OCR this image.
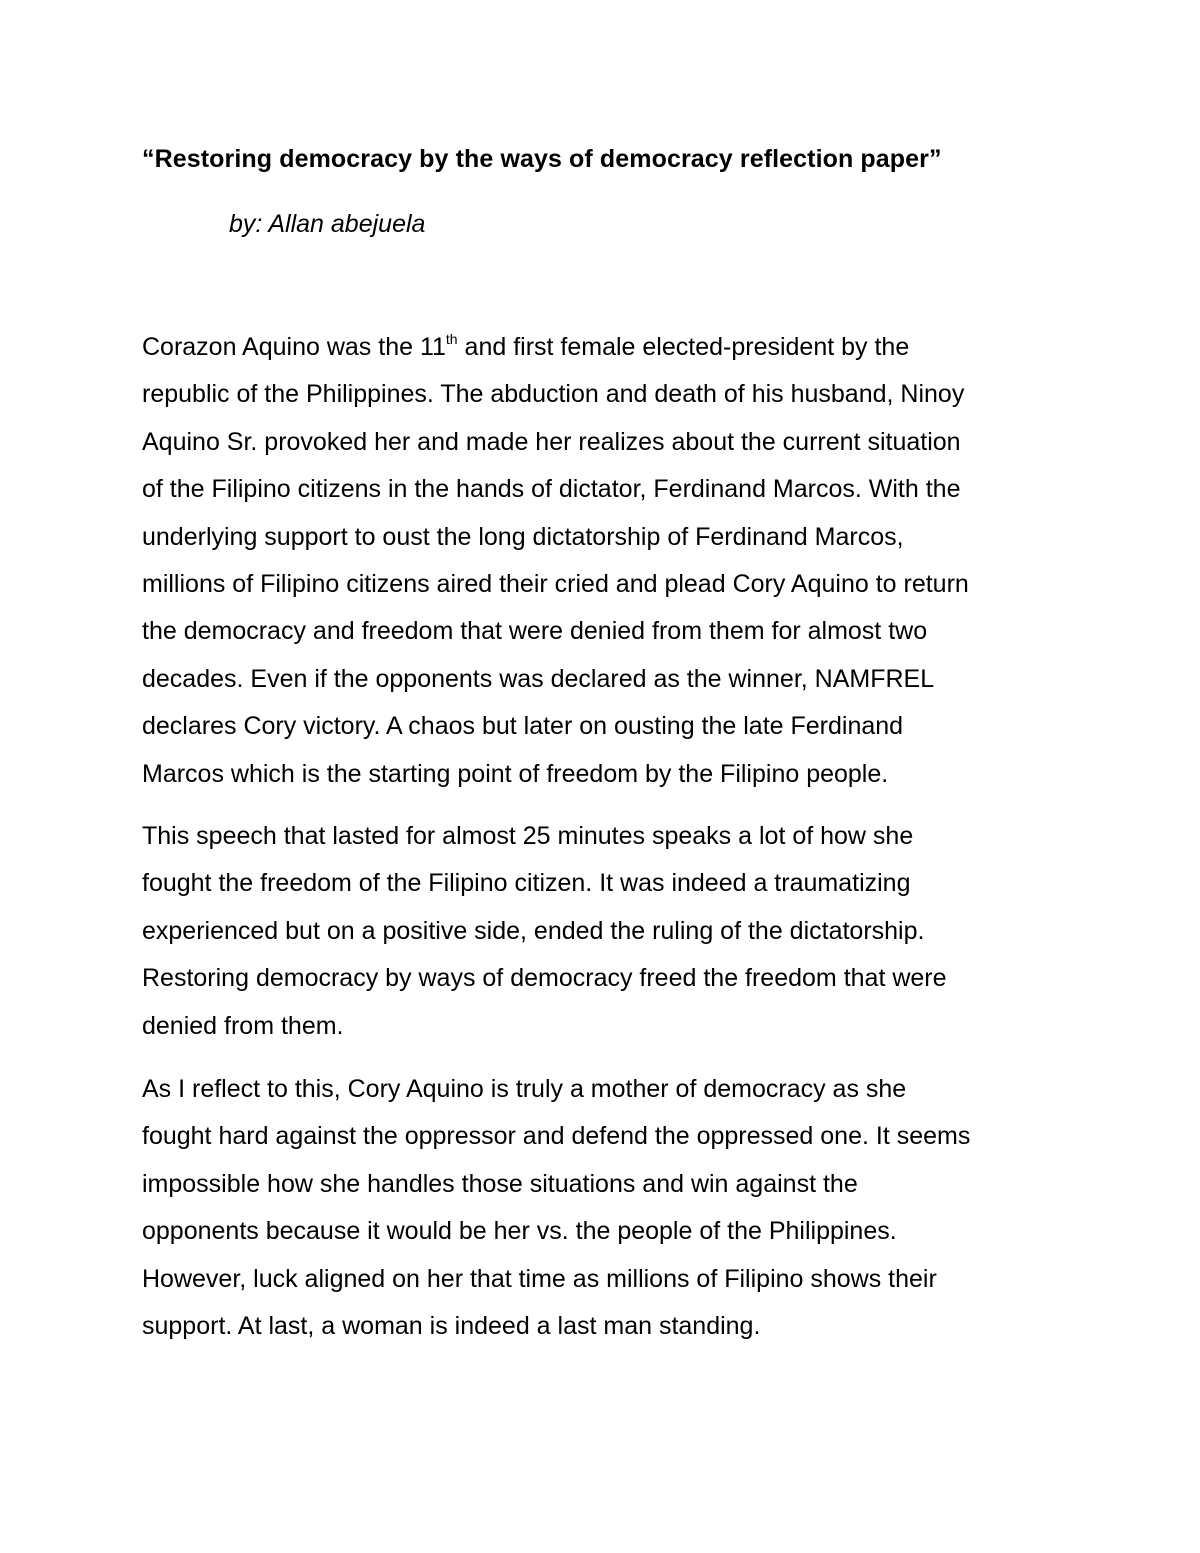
“Restoring democracy by the ways of democracy reflection paper”

by: Allan abejuela

Corazon Aquino was the 11th and first female elected-president by the
republic of the Philippines. The abduction and death of his husband, Ninoy
Aquino Sr. provoked her and made her realizes about the current situation
of the Filipino citizens in the hands of dictator, Ferdinand Marcos. With the
underlying support to oust the long dictatorship of Ferdinand Marcos,
millions of Filipino citizens aired their cried and plead Cory Aquino to return
the democracy and freedom that were denied from them for almost two
decades. Even if the opponents was declared as the winner, NAMFREL
declares Cory victory. A chaos but later on ousting the late Ferdinand
Marcos which is the starting point of freedom by the Filipino people.
This speech that lasted for almost 25 minutes speaks a lot of how she
fought the freedom of the Filipino citizen. It was indeed a traumatizing
experienced but on a positive side, ended the ruling of the dictatorship.
Restoring democracy by ways of democracy freed the freedom that were
denied from them.
As I reflect to this, Cory Aquino is truly a mother of democracy as she
fought hard against the oppressor and defend the oppressed one. It seems
impossible how she handles those situations and win against the
opponents because it would be her vs. the people of the Philippines.
However, luck aligned on her that time as millions of Filipino shows their
support. At last, a woman is indeed a last man standing.
